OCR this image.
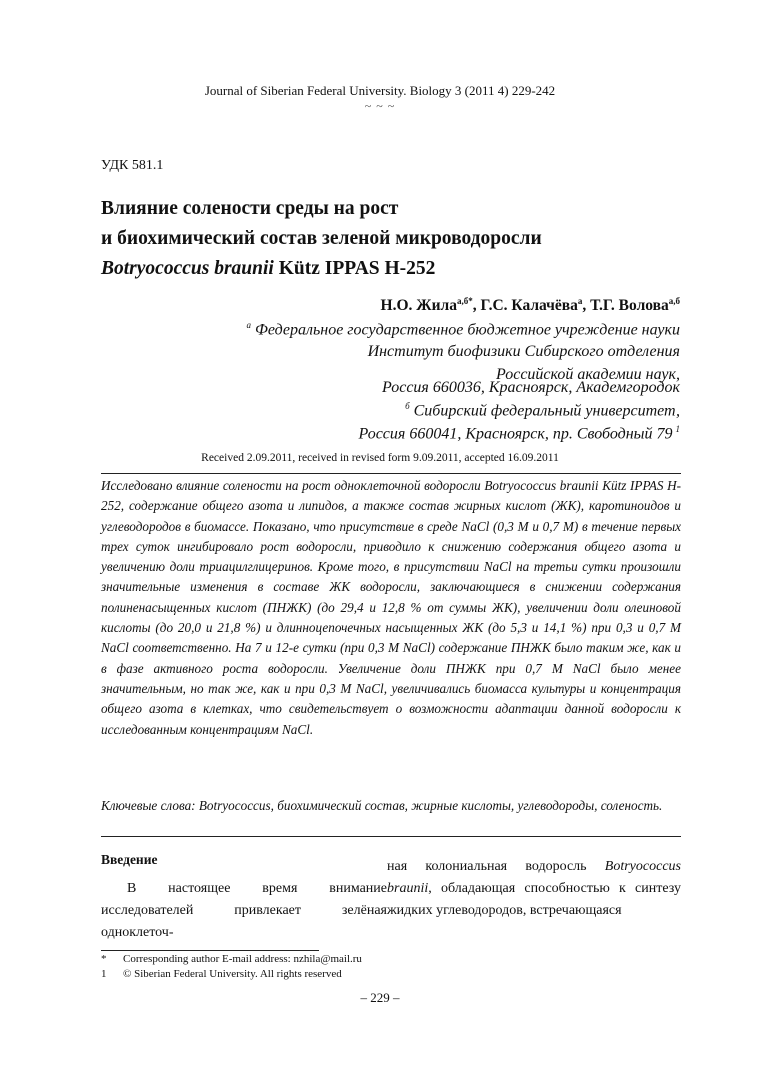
Journal of Siberian Federal University. Biology 3 (2011 4) 229-242
~ ~ ~
УДК 581.1
Влияние солености среды на рост
и биохимический состав зеленой микроводоросли
Botryococcus braunii Kütz IPPAS H-252
Н.О. Жила$^{а,б*}$, Г.С. Калачёва$^а$, Т.Г. Волова$^{а,б}$
$^а$ Федеральное государственное бюджетное учреждение науки
Институт биофизики Сибирского отделения
Российской академии наук,
Россия 660036, Красноярск, Академгородок
$^б$ Сибирский федеральный университет,
Россия 660041, Красноярск, пр. Свободный 79 $^1$
Received 2.09.2011, received in revised form 9.09.2011, accepted 16.09.2011
Исследовано влияние солености на рост одноклеточной водоросли Botryococcus braunii Kütz IPPAS H-252, содержание общего азота и липидов, а также состав жирных кислот (ЖК), каротиноидов и углеводородов в биомассе. Показано, что присутствие в среде NaCl (0,3 М и 0,7 М) в течение первых трех суток ингибировало рост водоросли, приводило к снижению содержания общего азота и увеличению доли триацилглицеринов. Кроме того, в присутствии NaCl на третьи сутки произошли значительные изменения в составе ЖК водоросли, заключающиеся в снижении содержания полиненасыщенных кислот (ПНЖК) (до 29,4 и 12,8 % от суммы ЖК), увеличении доли олеиновой кислоты (до 20,0 и 21,8 %) и длинноцепочечных насыщенных ЖК (до 5,3 и 14,1 %) при 0,3 и 0,7 М NaCl соответственно. На 7 и 12-е сутки (при 0,3 М NaCl) содержание ПНЖК было таким же, как и в фазе активного роста водоросли. Увеличение доли ПНЖК при 0,7 М NaCl было менее значительным, но так же, как и при 0,3 М NaCl, увеличивались биомасса культуры и концентрация общего азота в клетках, что свидетельствует о возможности адаптации данной водоросли к исследованным концентрациям NaCl.
Ключевые слова: Botryococcus, биохимический состав, жирные кислоты, углеводороды, соленость.
Введение
В настоящее время внимание исследователей привлекает зелёная одноклеточ-
ная колониальная водоросль Botryococcus braunii, обладающая способностью к синтезу жидких углеводородов, встречающаяся
* Corresponding author E-mail address: nzhila@mail.ru
1 © Siberian Federal University. All rights reserved
– 229 –
